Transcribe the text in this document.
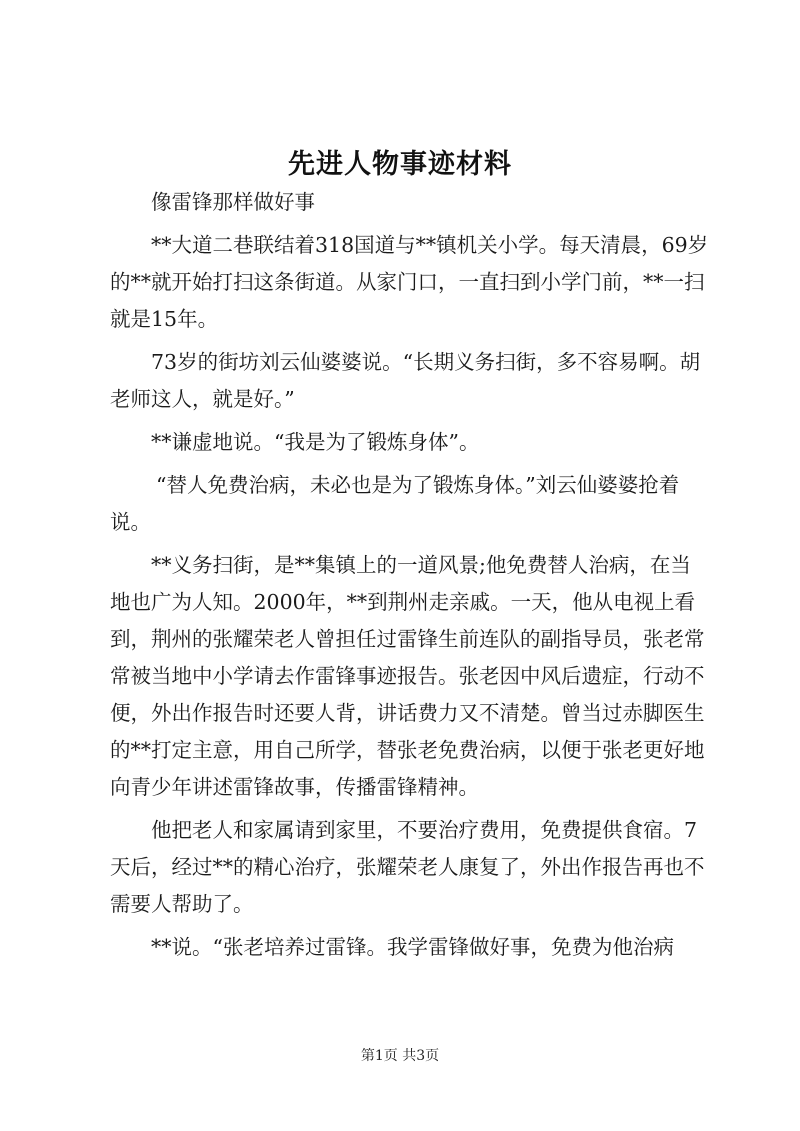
先进人物事迹材料

像雷锋那样做好事

**大道二巷联结着318国道与**镇机关小学。每天清晨，69岁的**就开始打扫这条街道。从家门口，一直扫到小学门前，**一扫就是15年。

73岁的街坊刘云仙婆婆说。“长期义务扫街，多不容易啊。胡老师这人，就是好。”

**谦虚地说。“我是为了锻炼身体”。

“替人免费治病，未必也是为了锻炼身体。”刘云仙婆婆抢着说。

**义务扫街，是**集镇上的一道风景;他免费替人治病，在当地也广为人知。2000年，**到荆州走亲戚。一天，他从电视上看到，荆州的张耀荣老人曾担任过雷锋生前连队的副指导员，张老常常被当地中小学请去作雷锋事迹报告。张老因中风后遗症，行动不便，外出作报告时还要人背，讲话费力又不清楚。曾当过赤脚医生的**打定主意，用自己所学，替张老免费治病，以便于张老更好地向青少年讲述雷锋故事，传播雷锋精神。

他把老人和家属请到家里，不要治疗费用，免费提供食宿。7天后，经过**的精心治疗，张耀荣老人康复了，外出作报告再也不需要人帮助了。

**说。“张老培养过雷锋。我学雷锋做好事，免费为他治病

第1页 共3页
